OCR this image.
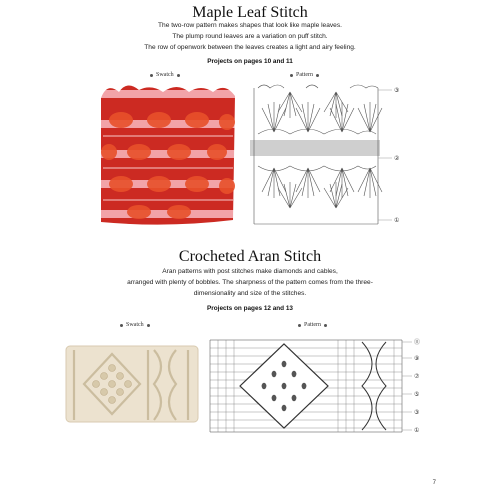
Maple Leaf Stitch
The two-row pattern makes shapes that look like maple leaves.
The plump round leaves are a variation on puff stitch.
The row of openwork between the leaves creates a light and airy feeling.
Projects on pages 10 and 11
Swatch	Pattern
③
②
①
Crocheted Aran Stitch
Aran patterns with post stitches make diamonds and cables,
arranged with plenty of bobbles. The sharpness of the pattern comes from the three-
dimensionality and size of the stitches.
Projects on pages 12 and 13
Swatch	Pattern
⑪
⑨
⑦
⑤
③
①
7
